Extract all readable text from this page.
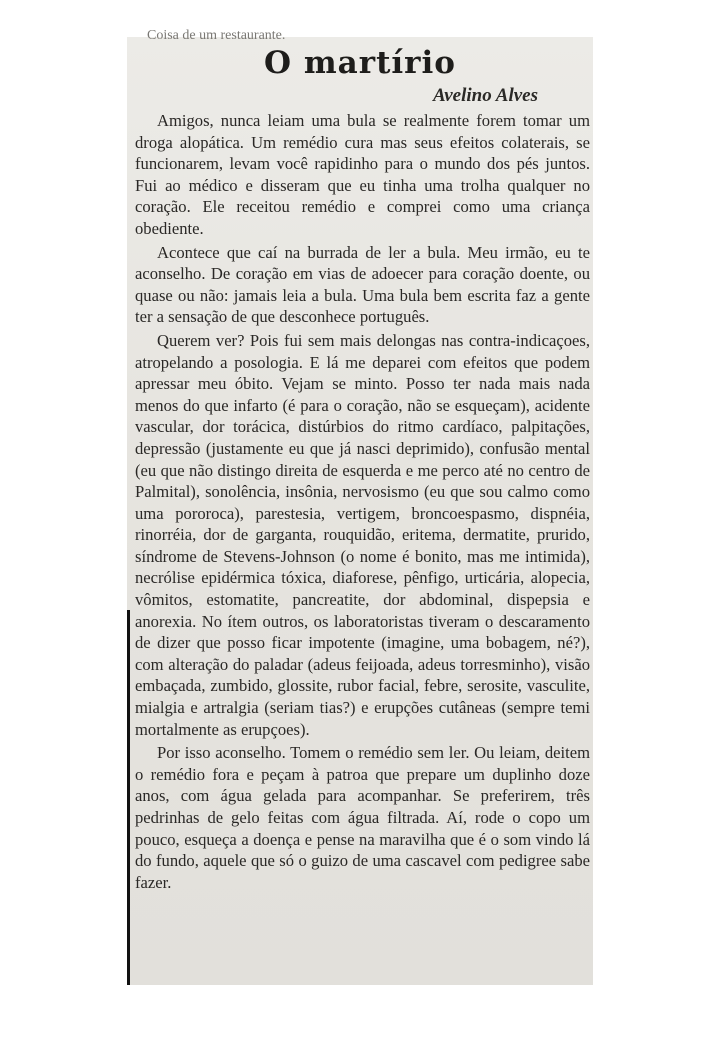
Coisa de um restaurante.
O martírio
Avelino Alves

Amigos, nunca leiam uma bula se realmente forem tomar um droga alopática. Um remédio cura mas seus efeitos colaterais, se funcionarem, levam você rapidinho para o mundo dos pés juntos. Fui ao médico e disseram que eu tinha uma trolha qualquer no coração. Ele receitou remédio e comprei como uma criança obediente.

Acontece que caí na burrada de ler a bula. Meu irmão, eu te aconselho. De coração em vias de adoecer para coração doente, ou quase ou não: jamais leia a bula. Uma bula bem escrita faz a gente ter a sensação de que desconhece português.

Querem ver? Pois fui sem mais delongas nas contra-indicaçoes, atropelando a posologia. E lá me deparei com efeitos que podem apressar meu óbito. Vejam se minto. Posso ter nada mais nada menos do que infarto (é para o coração, não se esqueçam), acidente vascular, dor torácica, distúrbios do ritmo cardíaco, palpitações, depressão (justamente eu que já nasci deprimido), confusão mental (eu que não distingo direita de esquerda e me perco até no centro de Palmital), sonolência, insônia, nervosismo (eu que sou calmo como uma pororoca), parestesia, vertigem, broncoespasmo, dispnéia, rinorréia, dor de garganta, rouquidão, eritema, dermatite, prurido, síndrome de Stevens-Johnson (o nome é bonito, mas me intimida), necrólise epidérmica tóxica, diaforese, pênfigo, urticária, alopecia, vômitos, estomatite, pancreatite, dor abdominal, dispepsia e anorexia. No ítem outros, os laboratoristas tiveram o descaramento de dizer que posso ficar impotente (imagine, uma bobagem, né?), com alteração do paladar (adeus feijoada, adeus torresminho), visão embaçada, zumbido, glossite, rubor facial, febre, serosite, vasculite, mialgia e artralgia (seriam tias?) e erupções cutâneas (sempre temi mortalmente as erupçoes).

Por isso aconselho. Tomem o remédio sem ler. Ou leiam, deitem o remédio fora e peçam à patroa que prepare um duplinho doze anos, com água gelada para acompanhar. Se preferirem, três pedrinhas de gelo feitas com água filtrada. Aí, rode o copo um pouco, esqueça a doença e pense na maravilha que é o som vindo lá do fundo, aquele que só o guizo de uma cascavel com pedigree sabe fazer.
